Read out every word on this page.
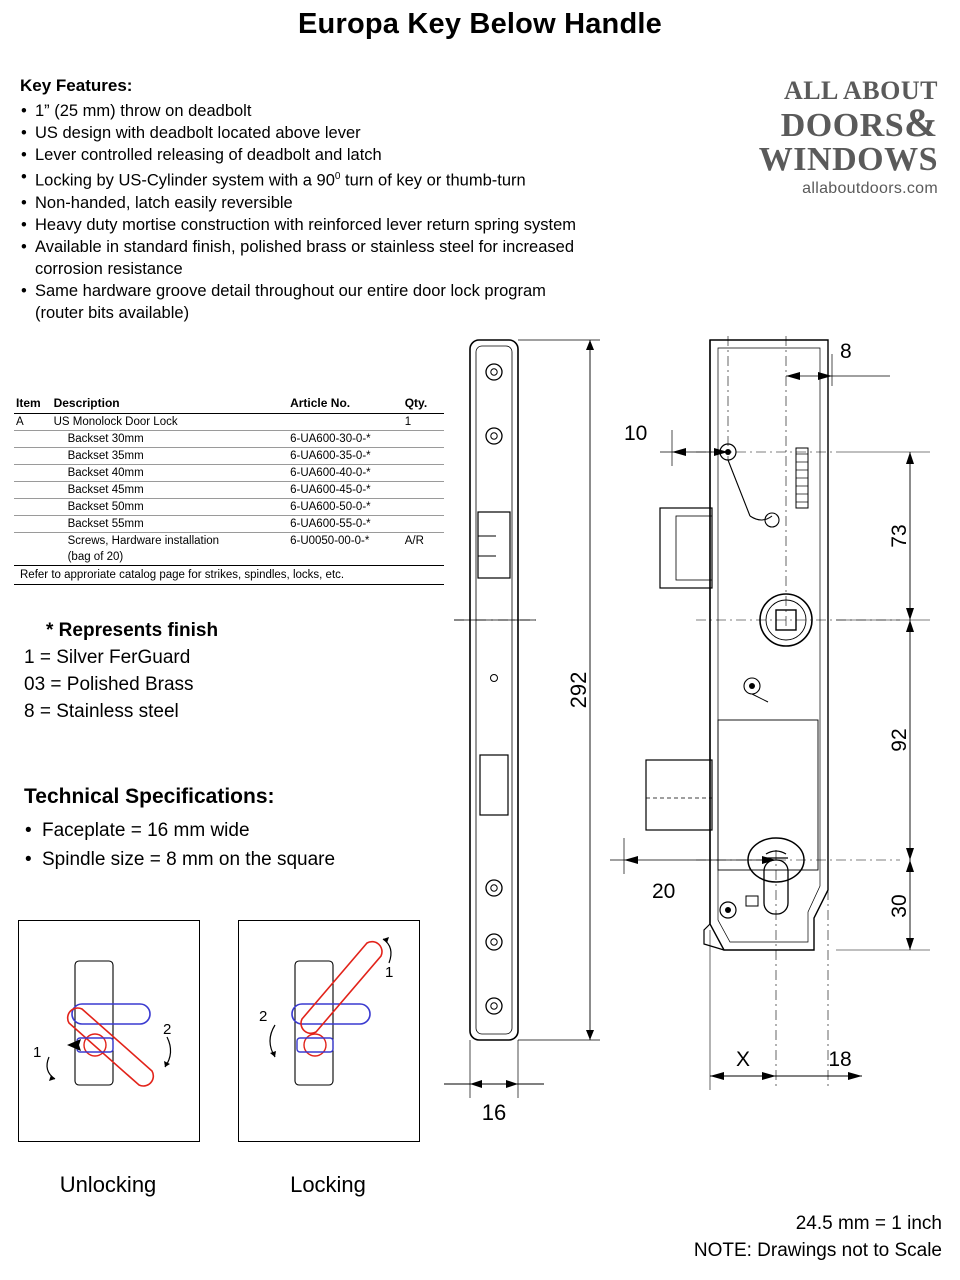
Europa Key Below Handle
Key Features:
• 1” (25 mm) throw on deadbolt
• US design with deadbolt located above lever
• Lever controlled releasing of deadbolt and latch
• Locking by US-Cylinder system with a $90^0$ turn of key or thumb-turn
• Non-handed, latch easily reversible
• Heavy duty mortise construction with reinforced lever return spring system
• Available in standard finish, polished brass or stainless steel for increased
corrosion resistance
• Same hardware groove detail throughout our entire door lock program
(router bits available)
ALL ABOUT
DOORS&
WINDOWS
allaboutdoors.com
Item	Description	Article No.	Qty.
A	US Monolock Door Lock		1
	Backset 30mm	6-UA600-30-0-*	
	Backset 35mm	6-UA600-35-0-*	
	Backset 40mm	6-UA600-40-0-*	
	Backset 45mm	6-UA600-45-0-*	
	Backset 50mm	6-UA600-50-0-*	
	Backset 55mm	6-UA600-55-0-*	
	Screws, Hardware installation	6-U0050-00-0-*	A/R
	(bag of 20)		
Refer to approriate catalog page for strikes, spindles, locks, etc.			
* Represents finish
1 = Silver FerGuard
03 = Polished Brass
8 = Stainless steel
Technical Specifications:
• Faceplate = 16 mm wide
• Spindle size = 8 mm on the square
1
2
Unlocking
1
2
Locking
292
16
8
10
73
92
30
20
X	18
24.5 mm = 1 inch
NOTE: Drawings not to Scale
